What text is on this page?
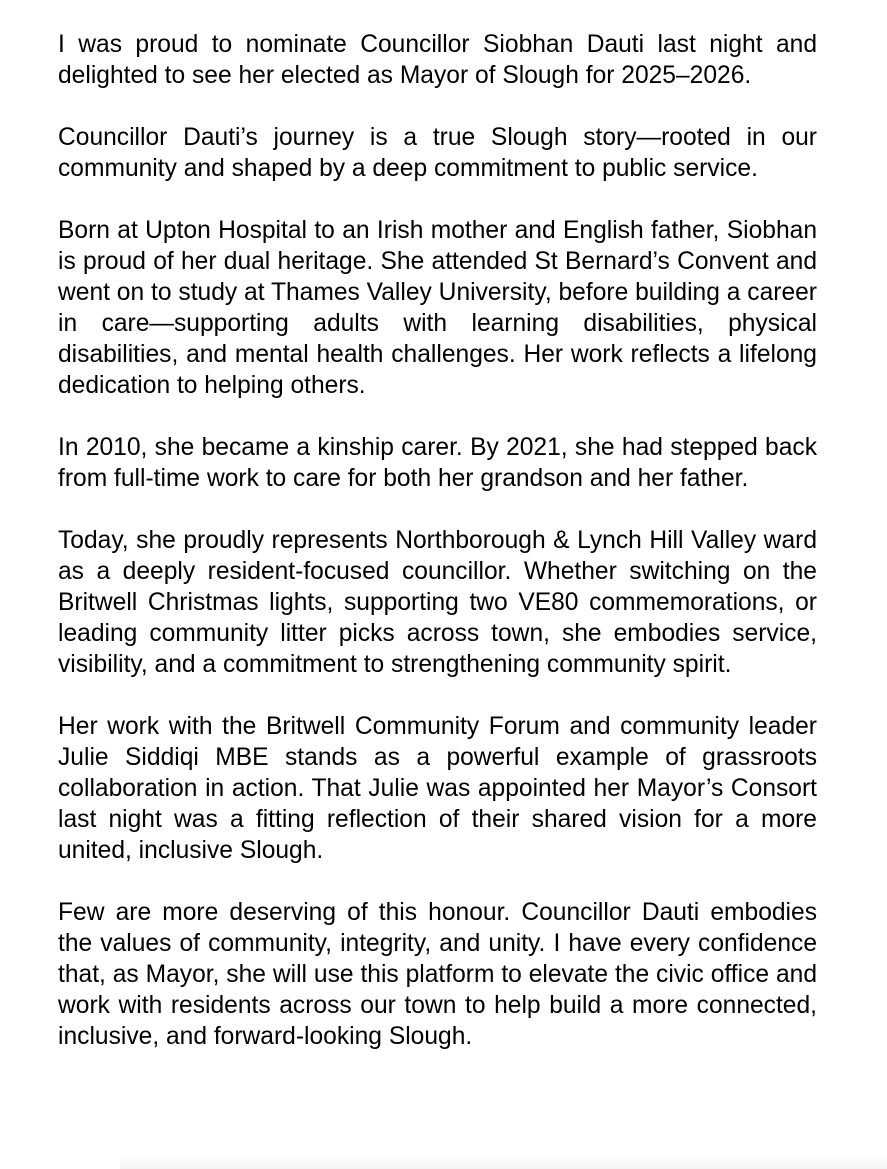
I was proud to nominate Councillor Siobhan Dauti last night and delighted to see her elected as Mayor of Slough for 2025–2026.

Councillor Dauti’s journey is a true Slough story—rooted in our community and shaped by a deep commitment to public service.

Born at Upton Hospital to an Irish mother and English father, Siobhan is proud of her dual heritage. She attended St Bernard’s Convent and went on to study at Thames Valley University, before building a career in care—supporting adults with learning disabilities, physical disabilities, and mental health challenges. Her work reflects a lifelong dedication to helping others.

In 2010, she became a kinship carer. By 2021, she had stepped back from full-time work to care for both her grandson and her father.

Today, she proudly represents Northborough & Lynch Hill Valley ward as a deeply resident-focused councillor. Whether switching on the Britwell Christmas lights, supporting two VE80 commemorations, or leading community litter picks across town, she embodies service, visibility, and a commitment to strengthening community spirit.

Her work with the Britwell Community Forum and community leader Julie Siddiqi MBE stands as a powerful example of grassroots collaboration in action. That Julie was appointed her Mayor’s Consort last night was a fitting reflection of their shared vision for a more united, inclusive Slough.

Few are more deserving of this honour. Councillor Dauti embodies the values of community, integrity, and unity. I have every confidence that, as Mayor, she will use this platform to elevate the civic office and work with residents across our town to help build a more connected, inclusive, and forward-looking Slough.
